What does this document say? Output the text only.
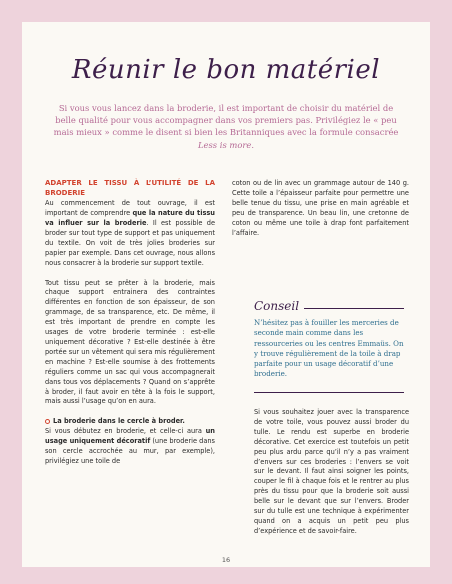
Réunir le bon matériel
Si vous vous lancez dans la broderie, il est important de choisir du matériel de belle qualité pour vous accompagner dans vos premiers pas. Privilégiez le « peu mais mieux » comme le disent si bien les Britanniques avec la formule consacrée Less is more.
ADAPTER LE TISSU À L’UTILITÉ DE LA BRODERIE

Au commencement de tout ouvrage, il est important de comprendre que la nature du tissu va influer sur la broderie. Il est possible de broder sur tout type de support et pas uniquement du textile. On voit de très jolies broderies sur papier par exemple. Dans cet ouvrage, nous allons nous consacrer à la broderie sur support textile.

Tout tissu peut se prêter à la broderie, mais chaque support entrainera des contraintes différentes en fonction de son épaisseur, de son grammage, de sa transparence, etc. De même, il est très important de prendre en compte les usages de votre broderie terminée : est-elle uniquement décorative ? Est-elle destinée à être portée sur un vêtement qui sera mis régulièrement en machine ? Est-elle soumise à des frottements réguliers comme un sac qui vous accompagnerait dans tous vos déplacements ? Quand on s’apprête à broder, il faut avoir en tête à la fois le support, mais aussi l’usage qu’on en aura.

La broderie dans le cercle à broder.
Si vous débutez en broderie, et celle-ci aura un usage uniquement décoratif (une broderie dans son cercle accrochée au mur, par exemple), privilégiez une toile de

coton ou de lin avec un grammage autour de 140 g. Cette toile a l’épaisseur parfaite pour permettre une belle tenue du tissu, une prise en main agréable et peu de transparence. Un beau lin, une cretonne de coton ou même une toile à drap font parfaitement l’affaire.

Conseil
N’hésitez pas à fouiller les merceries de seconde main comme dans les ressourceries ou les centres Emmaüs. On y trouve régulièrement de la toile à drap parfaite pour un usage décoratif d’une broderie.

Si vous souhaitez jouer avec la transparence de votre toile, vous pouvez aussi broder du tulle. Le rendu est superbe en broderie décorative. Cet exercice est toutefois un petit peu plus ardu parce qu’il n’y a pas vraiment d’envers sur ces broderies : l’envers se voit sur le devant. Il faut ainsi soigner les points, couper le fil à chaque fois et le rentrer au plus près du tissu pour que la broderie soit aussi belle sur le devant que sur l’envers. Broder sur du tulle est une technique à expérimenter quand on a acquis un petit peu plus d’expérience et de savoir-faire.

16
